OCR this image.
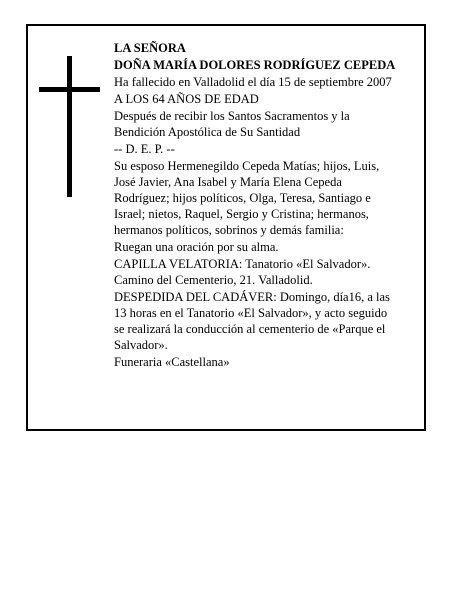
LA SEÑORA

DOÑA MARÍA DOLORES RODRÍGUEZ CEPEDA

Ha fallecido en Valladolid el día 15 de septiembre 2007

A LOS 64 AÑOS DE EDAD

Después de recibir los Santos Sacramentos y la
Bendición Apostólica de Su Santidad

-- D. E. P. --

Su esposo Hermenegildo Cepeda Matías; hijos, Luis,
José Javier, Ana Isabel y María Elena Cepeda
Rodríguez; hijos políticos, Olga, Teresa, Santiago e
Israel; nietos, Raquel, Sergio y Cristina; hermanos,
hermanos políticos, sobrinos y demás familia:

Ruegan una oración por su alma.

CAPILLA VELATORIA: Tanatorio «El Salvador».
Camino del Cementerio, 21. Valladolid.

DESPEDIDA DEL CADÁVER: Domingo, día16, a las
13 horas en el Tanatorio «El Salvador», y acto seguido
se realizará la conducción al cementerio de «Parque el
Salvador».

Funeraria «Castellana»
